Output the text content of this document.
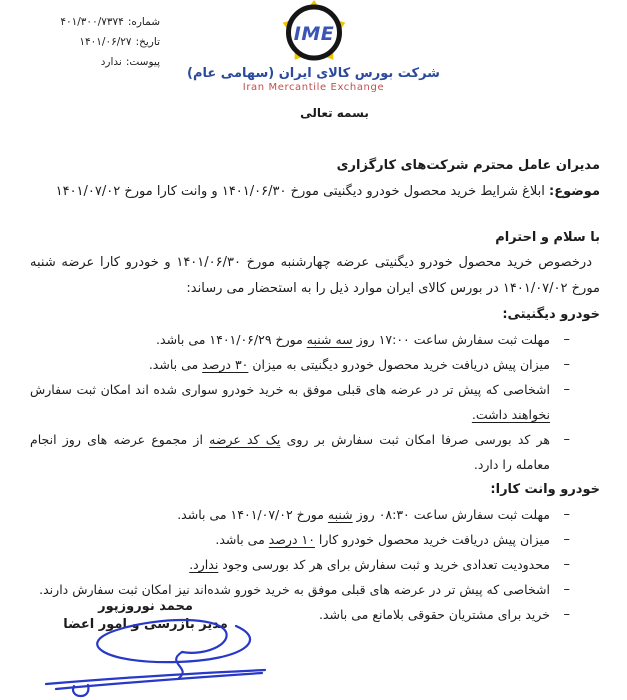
شماره:۴۰۱/۳۰۰/۷۳۷۴
تاریخ:۱۴۰۱/۰۶/۲۷
پیوست:ندارد
IME
شرکت بورس کالای ایران (سهامی عام)
Iran Mercantile Exchange
بسمه تعالی
مدیران عامل محترم شرکت‌های کارگزاری
موضوع: ابلاغ شرایط خرید محصول خودرو دیگنیتی مورخ ۱۴۰۱/۰۶/۳۰ و وانت کارا مورخ ۱۴۰۱/۰۷/۰۲
با سلام و احترام

درخصوص خرید محصول خودرو دیگنیتی عرضه چهارشنبه مورخ ۱۴۰۱/۰۶/۳۰ و خودرو کارا عرضه شنبه مورخ ۱۴۰۱/۰۷/۰۲ در بورس کالای ایران موارد ذیل را به استحضار می رساند:

خودرو دیگنیتی:
–
مهلت ثبت سفارش ساعت ۱۷:۰۰ روز سه شنبه مورخ ۱۴۰۱/۰۶/۲۹ می باشد.
–
میزان پیش دریافت خرید محصول خودرو دیگنیتی به میزان ۳۰ درصد می باشد.
–
اشخاصی که پیش تر در عرضه های قبلی موفق به خرید خودرو سواری شده اند امکان ثبت سفارش نخواهند داشت.
–
هر کد بورسی صرفا امکان ثبت سفارش بر روی یک کد عرضه از مجموع عرضه های روز انجام معامله را دارد.
خودرو وانت کارا:
–
مهلت ثبت سفارش ساعت ۰۸:۳۰ روز شنبه مورخ ۱۴۰۱/۰۷/۰۲ می باشد.
–
میزان پیش دریافت خرید محصول خودرو کارا ۱۰ درصد می باشد.
–
محدودیت تعدادی خرید و ثبت سفارش برای هر کد بورسی وجود ندارد.
–
اشخاصی که پیش تر در عرضه های قبلی موفق به خرید خورو شده‌اند نیز امکان ثبت سفارش دارند.
–
خرید برای مشتریان حقوقی بلامانع می باشد.
محمد نوروزپور
مدیر بازرسی و امور اعضا
